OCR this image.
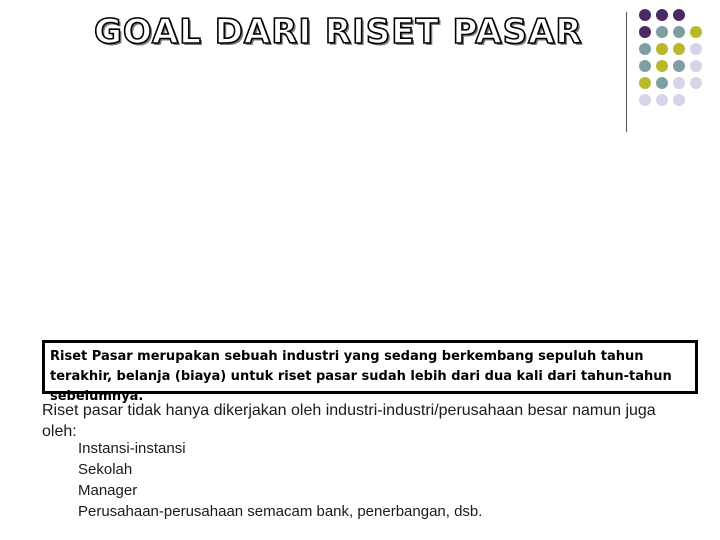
GOAL DARI RISET PASAR
Riset Pasar merupakan sebuah industri yang sedang berkembang sepuluh tahun terakhir, belanja (biaya) untuk riset pasar sudah lebih dari dua kali dari tahun-tahun sebelumnya.
Riset pasar tidak hanya dikerjakan oleh industri-industri/perusahaan besar namun juga oleh:
Instansi-instansi
Sekolah
Manager
Perusahaan-perusahaan semacam bank, penerbangan, dsb.
